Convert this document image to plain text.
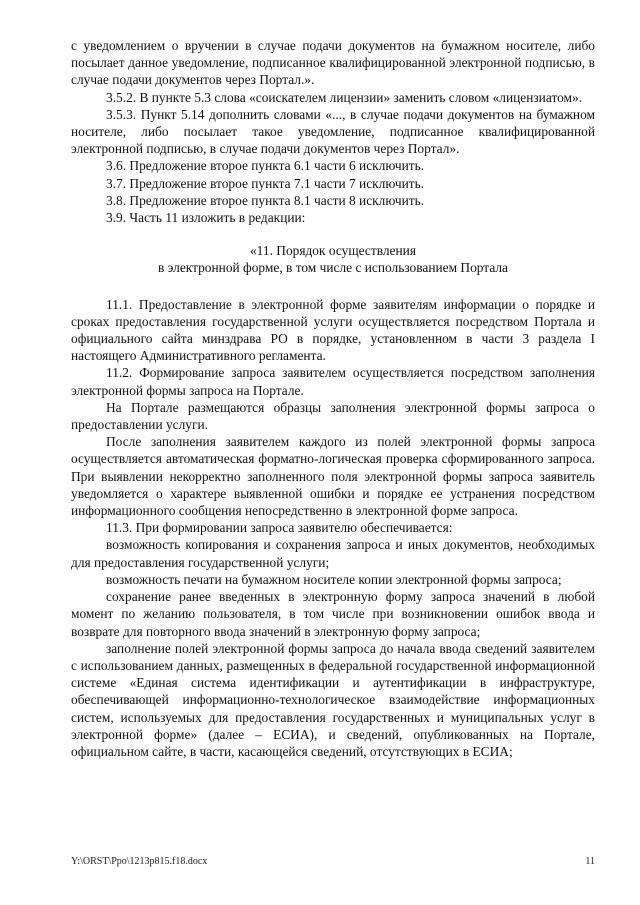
с уведомлением о вручении в случае подачи документов на бумажном носителе, либо посылает данное уведомление, подписанное квалифицированной электронной подписью, в случае подачи документов через Портал.».

3.5.2. В пункте 5.3 слова «соискателем лицензии» заменить словом «лицензиатом».

3.5.3. Пункт 5.14 дополнить словами «..., в случае подачи документов на бумажном носителе, либо посылает такое уведомление, подписанное квалифицированной электронной подписью, в случае подачи документов через Портал».

3.6. Предложение второе пункта 6.1 части 6 исключить.

3.7. Предложение второе пункта 7.1 части 7 исключить.

3.8. Предложение второе пункта 8.1 части 8 исключить.

3.9. Часть 11 изложить в редакции:

«11. Порядок осуществления
в электронной форме, в том числе с использованием Портала

11.1. Предоставление в электронной форме заявителям информации о порядке и сроках предоставления государственной услуги осуществляется посредством Портала и официального сайта минздрава РО в порядке, установленном в части 3 раздела I настоящего Административного регламента.

11.2. Формирование запроса заявителем осуществляется посредством заполнения электронной формы запроса на Портале.

На Портале размещаются образцы заполнения электронной формы запроса о предоставлении услуги.

После заполнения заявителем каждого из полей электронной формы запроса осуществляется автоматическая форматно-логическая проверка сформированного запроса. При выявлении некорректно заполненного поля электронной формы запроса заявитель уведомляется о характере выявленной ошибки и порядке ее устранения посредством информационного сообщения непосредственно в электронной форме запроса.

11.3. При формировании запроса заявителю обеспечивается:

возможность копирования и сохранения запроса и иных документов, необходимых для предоставления государственной услуги;

возможность печати на бумажном носителе копии электронной формы запроса;

сохранение ранее введенных в электронную форму запроса значений в любой момент по желанию пользователя, в том числе при возникновении ошибок ввода и возврате для повторного ввода значений в электронную форму запроса;

заполнение полей электронной формы запроса до начала ввода сведений заявителем с использованием данных, размещенных в федеральной государственной информационной системе «Единая система идентификации и аутентификации в инфраструктуре, обеспечивающей информационно-технологическое взаимодействие информационных систем, используемых для предоставления государственных и муниципальных услуг в электронной форме» (далее – ЕСИА), и сведений, опубликованных на Портале, официальном сайте, в части, касающейся сведений, отсутствующих в ЕСИА;

Y:\ORST\Ppo\1213p815.f18.docx	11
